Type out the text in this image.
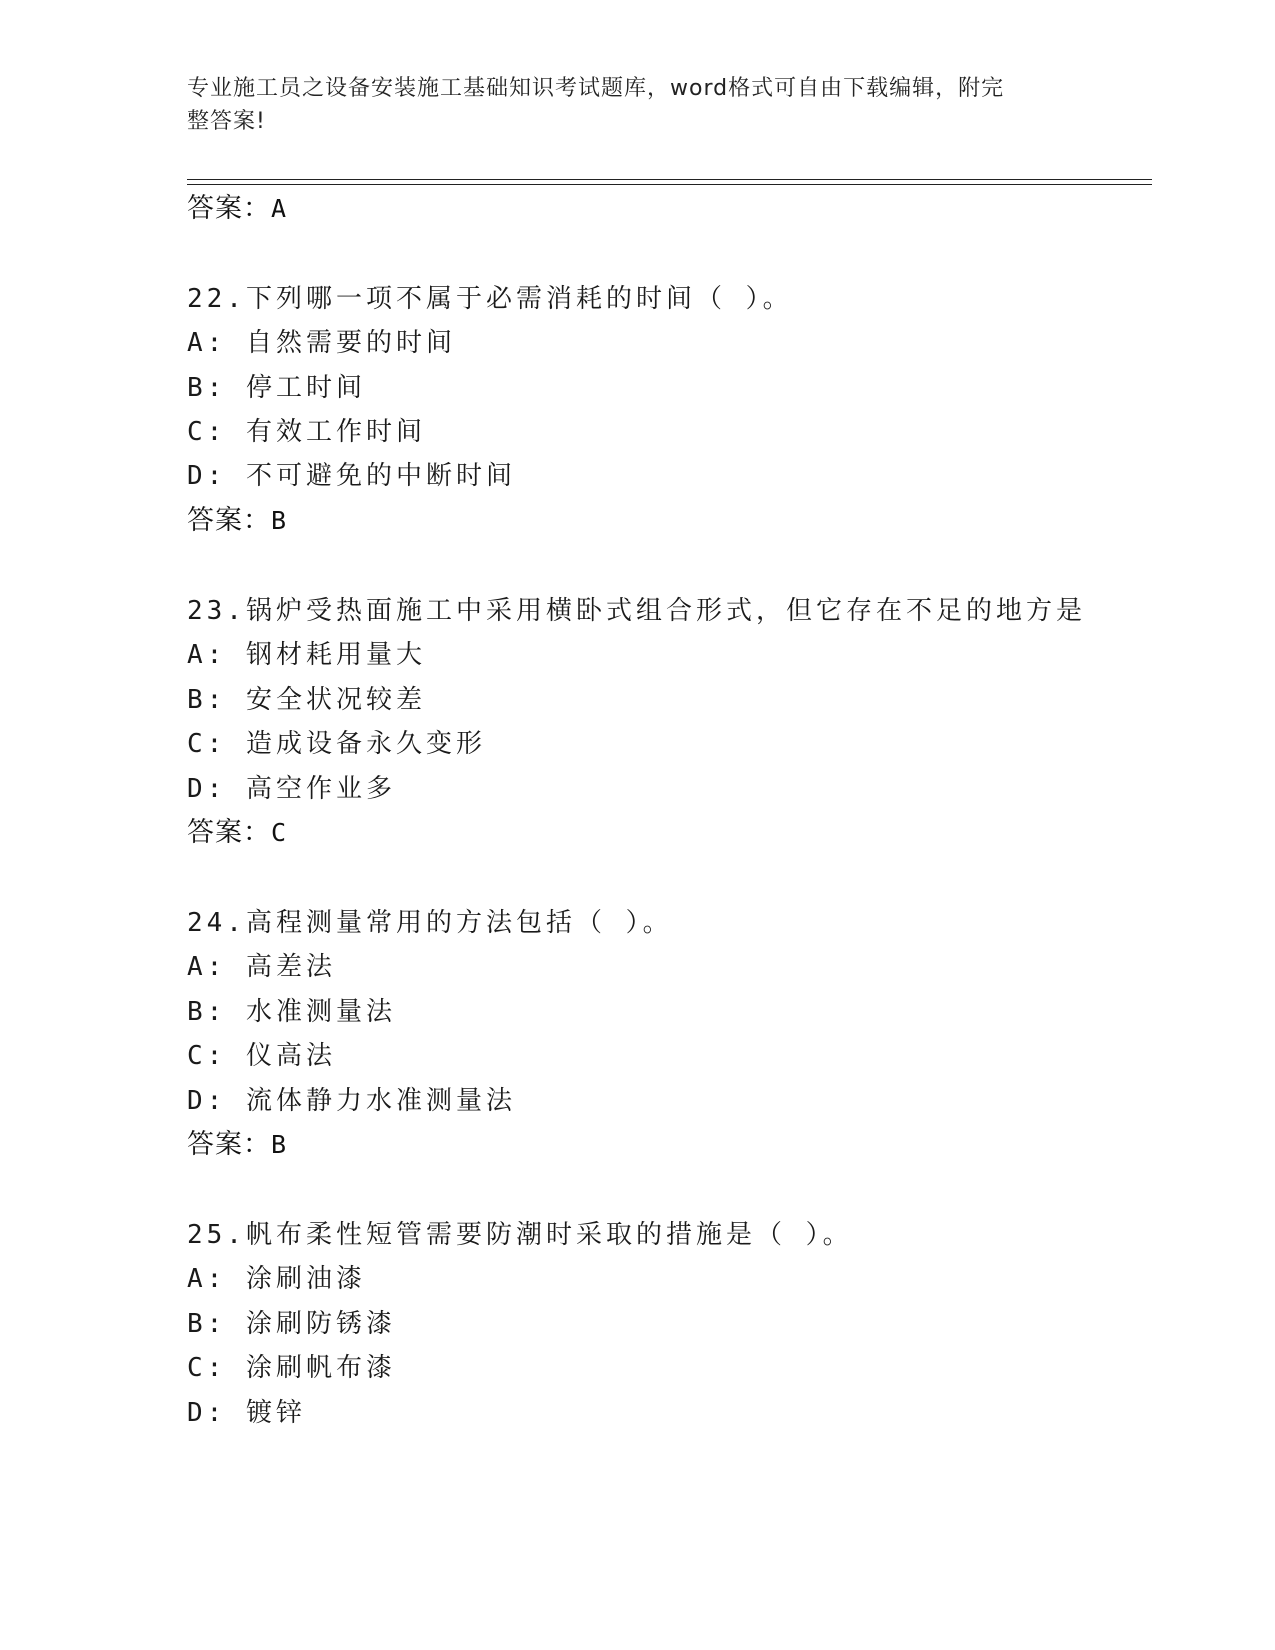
专业施工员之设备安装施工基础知识考试题库，word格式可自由下载编辑，附完
整答案!
答案：A
22.下列哪一项不属于必需消耗的时间（ ）。
A: 自然需要的时间
B: 停工时间
C: 有效工作时间
D: 不可避免的中断时间
答案：B
23.锅炉受热面施工中采用横卧式组合形式，但它存在不足的地方是
A: 钢材耗用量大
B: 安全状况较差
C: 造成设备永久变形
D: 高空作业多
答案：C
24.高程测量常用的方法包括（ ）。
A: 高差法
B: 水准测量法
C: 仪高法
D: 流体静力水准测量法
答案：B
25.帆布柔性短管需要防潮时采取的措施是（ ）。
A: 涂刷油漆
B: 涂刷防锈漆
C: 涂刷帆布漆
D: 镀锌
